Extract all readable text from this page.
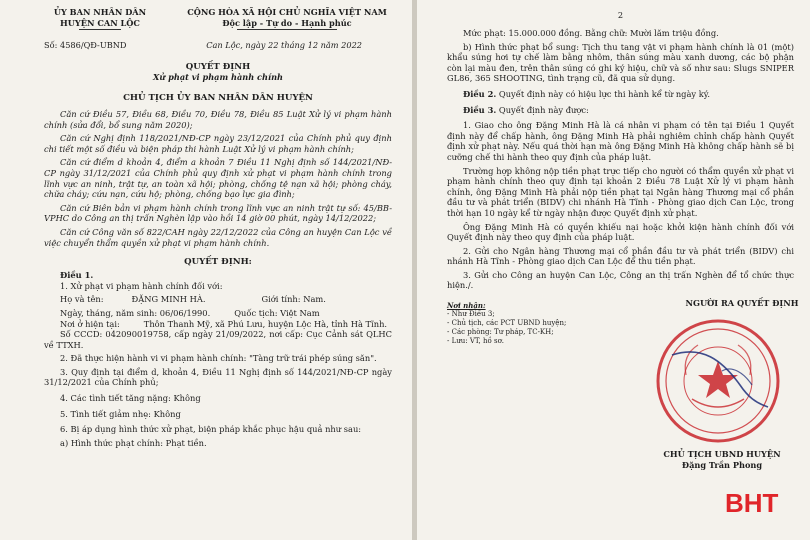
ỦY BAN NHÂN DÂN
HUYỆN CAN LỘC
CỘNG HÒA XÃ HỘI CHỦ NGHĨA VIỆT NAM
Độc lập - Tự do - Hạnh phúc
Số: 4586/QĐ-UBND	Can Lộc, ngày 22 tháng 12 năm 2022
QUYẾT ĐỊNH
Xử phạt vi phạm hành chính
CHỦ TỊCH ỦY BAN NHÂN DÂN HUYỆN
Căn cứ Điều 57, Điều 68, Điều 70, Điều 78, Điều 85 Luật Xử lý vi phạm hành chính (sửa đổi, bổ sung năm 2020);
Căn cứ Nghị định 118/2021/NĐ-CP ngày 23/12/2021 của Chính phủ quy định chi tiết một số điều và biện pháp thi hành Luật Xử lý vi phạm hành chính;
Căn cứ điểm d khoản 4, điểm a khoản 7 Điều 11 Nghị định số 144/2021/NĐ-CP ngày 31/12/2021 của Chính phủ quy định xử phạt vi phạm hành chính trong lĩnh vực an ninh, trật tự, an toàn xã hội; phòng, chống tệ nạn xã hội; phòng cháy, chữa cháy; cứu nạn, cứu hộ; phòng, chống bạo lực gia đình;
Căn cứ Biên bản vi phạm hành chính trong lĩnh vực an ninh trật tự số: 45/BB-VPHC do Công an thị trấn Nghèn lập vào hồi 14 giờ 00 phút, ngày 14/12/2022;
Căn cứ Công văn số 822/CAH ngày 22/12/2022 của Công an huyện Can Lộc về việc chuyển thẩm quyền xử phạt vi phạm hành chính.
QUYẾT ĐỊNH:
Điều 1.
1. Xử phạt vi phạm hành chính đối với:
Họ và tên:	ĐẶNG MINH HÀ.	Giới tính: Nam.
Ngày, tháng, năm sinh: 06/06/1990.	Quốc tịch: Việt Nam
Nơi ở hiện tại:	Thôn Thanh Mỹ, xã Phú Lưu, huyện Lộc Hà, tỉnh Hà Tĩnh.
Số CCCD: 042090019758, cấp ngày 21/09/2022, nơi cấp: Cục Cảnh sát QLHC về TTXH.
2. Đã thực hiện hành vi vi phạm hành chính: "Tàng trữ trái phép súng săn".
3. Quy định tại điểm d, khoản 4, Điều 11 Nghị định số 144/2021/NĐ-CP ngày 31/12/2021 của Chính phủ;
4. Các tình tiết tăng nặng: Không
5. Tình tiết giảm nhẹ: Không
6. Bị áp dụng hình thức xử phạt, biện pháp khắc phục hậu quả như sau:
a) Hình thức phạt chính: Phạt tiền.
2
Mức phạt: 15.000.000 đồng. Bằng chữ: Mười lăm triệu đồng.
b) Hình thức phạt bổ sung: Tịch thu tang vật vi phạm hành chính là 01 (một) khẩu súng hơi tự chế làm bằng nhôm, thân súng màu xanh dương, các bộ phận còn lại màu đen, trên thân súng có ghi ký hiệu, chữ và số như sau: Slugs SNIPER GL86, 365 SHOOTING, tình trạng cũ, đã qua sử dụng.
Điều 2. Quyết định này có hiệu lực thi hành kể từ ngày ký.
Điều 3. Quyết định này được:
1. Giao cho ông Đặng Minh Hà là cá nhân vi phạm có tên tại Điều 1 Quyết định này để chấp hành, ông Đặng Minh Hà phải nghiêm chỉnh chấp hành Quyết định xử phạt này. Nếu quá thời hạn mà ông Đặng Minh Hà không chấp hành sẽ bị cưỡng chế thi hành theo quy định của pháp luật.
Trường hợp không nộp tiền phạt trực tiếp cho người có thẩm quyền xử phạt vi phạm hành chính theo quy định tại khoản 2 Điều 78 Luật Xử lý vi phạm hành chính, ông Đặng Minh Hà phải nộp tiền phạt tại Ngân hàng Thương mại cổ phần đầu tư và phát triển (BIDV) chi nhánh Hà Tĩnh - Phòng giao dịch Can Lộc, trong thời hạn 10 ngày kể từ ngày nhận được Quyết định xử phạt.
Ông Đặng Minh Hà có quyền khiếu nại hoặc khởi kiện hành chính đối với Quyết định này theo quy định của pháp luật.
2. Gửi cho Ngân hàng Thương mại cổ phần đầu tư và phát triển (BIDV) chi nhánh Hà Tĩnh - Phòng giao dịch Can Lộc để thu tiền phạt.
3. Gửi cho Công an huyện Can Lộc, Công an thị trấn Nghèn để tổ chức thực hiện./.
Nơi nhận:
- Như Điều 3;
- Chủ tịch, các PCT UBND huyện;
- Các phòng: Tư pháp, TC-KH;
- Lưu: VT, hồ sơ.
NGƯỜI RA QUYẾT ĐỊNH
CHỦ TỊCH UBND HUYỆN
Đặng Trần Phong
BHT
